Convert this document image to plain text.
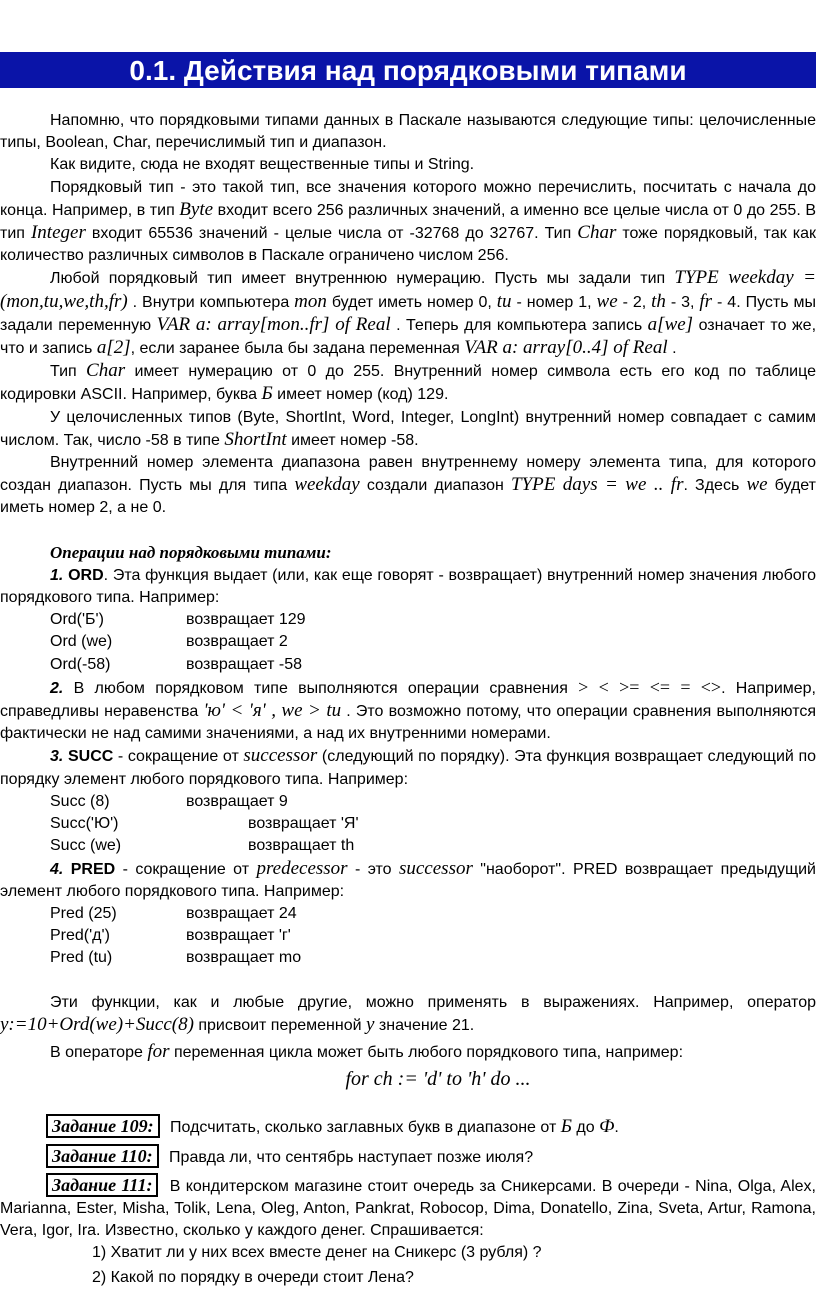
0.1. Действия над порядковыми типами

Напомню, что порядковыми типами данных в Паскале называются следующие типы: целочисленные типы, Boolean, Char, перечислимый тип и диапазон.

Как видите, сюда не входят вещественные типы и String.

Порядковый тип - это такой тип, все значения которого можно перечислить, посчитать с начала до конца. Например, в тип Byte входит всего 256 различных значений, а именно все целые числа от 0 до 255. В тип Integer входит 65536 значений - целые числа от -32768 до 32767. Тип Char тоже порядковый, так как количество различных символов в Паскале ограничено числом 256.

Любой порядковый тип имеет внутреннюю нумерацию. Пусть мы задали тип TYPE weekday = (mon,tu,we,th,fr) . Внутри компьютера mon будет иметь номер 0, tu - номер 1, we - 2, th - 3, fr - 4. Пусть мы задали переменную VAR a: array[mon..fr] of Real . Теперь для компьютера запись a[we] означает то же, что и запись a[2], если заранее была бы задана переменная VAR a: array[0..4] of Real .

Тип Char имеет нумерацию от 0 до 255. Внутренний номер символа есть его код по таблице кодировки ASCII. Например, буква Б имеет номер (код) 129.

У целочисленных типов (Byte, ShortInt, Word, Integer, LongInt) внутренний номер совпадает с самим числом. Так, число -58 в типе ShortInt имеет номер -58.

Внутренний номер элемента диапазона равен внутреннему номеру элемента типа, для которого создан диапазон. Пусть мы для типа weekday создали диапазон TYPE days = we .. fr. Здесь we будет иметь номер 2, а не 0.

Операции над порядковыми типами:

1. ORD. Эта функция выдает (или, как еще говорят - возвращает) внутренний номер значения любого порядкового типа. Например:

Ord('Б')	возвращает 129
Ord (we)	возвращает 2
Ord(-58)	возвращает -58

2. В любом порядковом типе выполняются операции сравнения > < >= <= = <>. Например, справедливы неравенства 'ю' < 'я' , we > tu . Это возможно потому, что операции сравнения выполняются фактически не над самими значениями, а над их внутренними номерами.

3. SUCC - сокращение от successor (следующий по порядку). Эта функция возвращает следующий по порядку элемент любого порядкового типа. Например:

Succ (8)	возвращает 9
Succ('Ю')	возвращает 'Я'
Succ (we)	возвращает th

4. PRED - сокращение от predecessor - это successor "наоборот". PRED возвращает предыдущий элемент любого порядкового типа. Например:

Pred (25)	возвращает 24
Pred('д')	возвращает 'г'
Pred (tu)	возвращает mo

Эти функции, как и любые другие, можно применять в выражениях. Например, оператор y:=10+Ord(we)+Succ(8) присвоит переменной y значение 21.

В операторе for переменная цикла может быть любого порядкового типа, например:

for ch := 'd' to 'h' do ...

Задание 109: Подсчитать, сколько заглавных букв в диапазоне от Б до Ф.

Задание 110: Правда ли, что сентябрь наступает позже июля?

Задание 111: В кондитерском магазине стоит очередь за Сникерсами. В очереди - Nina, Olga, Alex, Marianna, Ester, Misha, Tolik, Lena, Oleg, Anton, Pankrat, Robocop, Dima, Donatello, Zina, Sveta, Artur, Ramona, Vera, Igor, Ira. Известно, сколько у каждого денег. Спрашивается:

1) Хватит ли у них всех вместе денег на Сникерс (3 рубля) ?

2) Какой по порядку в очереди стоит Лена?
